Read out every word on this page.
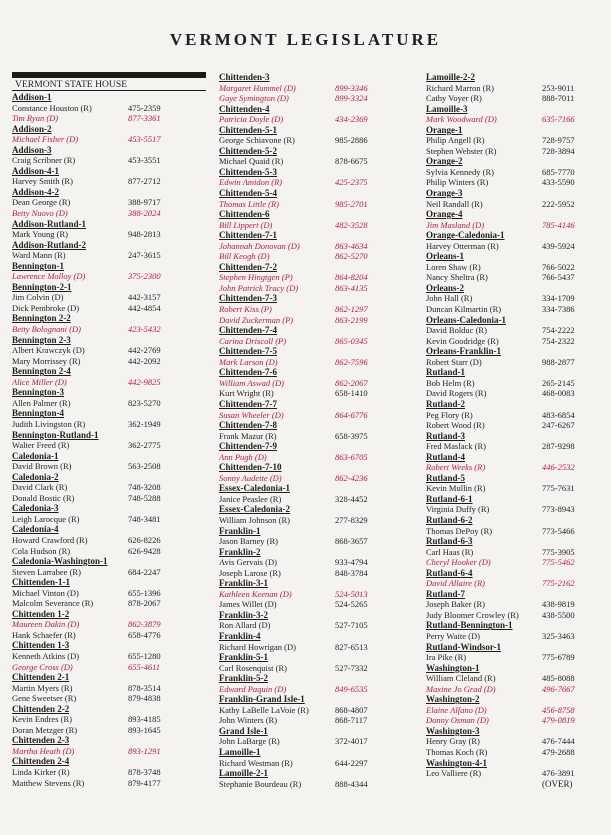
VERMONT LEGISLATURE
VERMONT STATE HOUSE
Addison-1
Constance Houston (R)	475-2359
Tim Ryan (D)	877-3361
Addison-2
Michael Fisher (D)	453-5517
Addison-3
Craig Scribner (R)	453-3551
Addison-4-1
Harvey Smith (R)	877-2712
Addison-4-2
Dean George (R)	388-9717
Betty Nuovo (D)	388-2024
Addison-Rutland-1
Mark Young (R)	948-2813
Addison-Rutland-2
Ward Mann (R)	247-3615
Bennington-1
Lawrence Molloy (D)	375-2300
Bennington-2-1
Jim Colvin (D)	442-3157
Dick Pembroke (D)	442-4854
Bennington 2-2
Betty Bolognani (D)	423-5432
Bennington 2-3
Albert Krawczyk (D)	442-2769
Mary Morrissey (R)	442-2092
Bennington 2-4
Alice Miller (D)	442-9825
Bennington-3
Allen Palmer (R)	823-5270
Bennington-4
Judith Livingston (R)	362-1949
Bennington-Rutland-1
Walter Freed (R)	362-2775
Caledonia-1
David Brown (R)	563-2508
Caledonia-2
David Clark (R)	748-3208
Donald Bostic (R)	748-5288
Caledonia-3
Leigh Larocque (R)	748-3481
Caledonia-4
Howard Crawford (R)	626-8226
Cola Hudson (R)	626-9428
Caledonia-Washington-1
Steven Larrabee (R)	684-2247
Chittenden-1-1
Michael Vinton (D)	655-1396
Malcolm Severance (R)	878-2067
Chittenden 1-2
Maureen Dakin (D)	862-3879
Hank Schaefer (R)	658-4776
Chittenden 1-3
Kenneth Atkins (D)	655-1280
George Cross (D)	655-4611
Chittenden 2-1
Martin Myers (R)	878-3514
Gene Sweetser (R)	879-4838
Chittenden 2-2
Kevin Endres (R)	893-4185
Doran Metzger (R)	893-1645
Chittenden 2-3
Martha Heath (D)	893-1291
Chittenden 2-4
Linda Kirker (R)	878-3748
Matthew Stevens (R)	879-4177
Chittenden-3
Margaret Hummel (D)	899-3346
Gaye Symington (D)	899-3324
Chittenden-4
Patricia Doyle (D)	434-2369
Chittenden-5-1
George Schiavone (R)	985-2886
Chittenden-5-2
Michael Quaid (R)	878-6675
Chittenden-5-3
Edwin Amidon (R)	425-2375
Chittenden-5-4
Thomas Little (R)	985-2701
Chittenden-6
Bill Lippert (D)	482-3528
Chittenden-7-1
Johannah Donovan (D)	863-4634
Bill Keogh (D)	862-5270
Chittenden-7-2
Stephen Hingtgen (P)	864-8204
John Patrick Tracy (D)	863-4135
Chittenden-7-3
Robert Kiss (P)	862-1297
David Zuckerman (P)	863-2199
Chittenden-7-4
Carina Driscoll (P)	865-0345
Chittenden-7-5
Mark Larson (D)	862-7596
Chittenden-7-6
William Aswad (D)	862-2067
Kurt Wright (R)	658-1410
Chittenden-7-7
Susan Wheeler (D)	864-6776
Chittenden-7-8
Frank Mazur (R)	658-3975
Chittenden-7-9
Ann Pugh (D)	863-6705
Chittenden-7-10
Sonny Audette (D)	862-4236
Essex-Caledonia-1
Janice Peaslee (R)	328-4452
Essex-Caledonia-2
William Johnson (R)	277-8329
Franklin-1
Jason Barney (R)	868-3657
Franklin-2
Avis Gervais (D)	933-4794
Joseph Larose (R)	848-3784
Franklin-3-1
Kathleen Keenan (D)	524-5013
James Willet (D)	524-5265
Franklin-3-2
Ron Allard (D)	527-7105
Franklin-4
Richard Howrigan (D)	827-6513
Franklin-5-1
Carl Rosenquist (R)	527-7332
Franklin-5-2
Edward Paquin (D)	849-6535
Franklin-Grand Isle-1
Kathy LaBelle LaVoie (R)	868-4807
John Winters (R)	868-7117
Grand Isle-1
John LaBarge (R)	372-4017
Lamoille-1
Richard Westman (R)	644-2297
Lamoille-2-1
Stephanie Bourdeau (R)	888-4344
Lamoille-2-2
Richard Marron (R)	253-9011
Cathy Voyer (R)	888-7011
Lamoille-3
Mark Woodward (D)	635-7166
Orange-1
Philip Angell (R)	728-9757
Stephen Webster (R)	728-3894
Orange-2
Sylvia Kennedy (R)	685-7770
Philip Winters (R)	433-5590
Orange-3
Neil Randall (R)	222-5952
Orange-4
Jim Masland (D)	785-4146
Orange-Caledonia-1
Harvey Otterman (R)	439-5924
Orleans-1
Loren Shaw (R)	766-5022
Nancy Sheltra (R)	766-5437
Orleans-2
John Hall (R)	334-1709
Duncan Kilmartin (R)	334-7386
Orleans-Caledonia-1
David Bolduc (R)	754-2222
Kevin Goodridge (R)	754-2322
Orleans-Franklin-1
Robert Starr (D)	988-2877
Rutland-1
Bob Helm (R)	265-2145
David Rogers (R)	468-0083
Rutland-2
Peg Flory (R)	483-6854
Robert Wood (R)	247-6267
Rutland-3
Fred Maslack (R)	287-9298
Rutland-4
Robert Weeks (R)	446-2532
Rutland-5
Kevin Mullin (R)	775-7631
Rutland-6-1
Virginia Duffy (R)	773-8943
Rutland-6-2
Thomas DePoy (R)	773-5466
Rutland-6-3
Carl Haas (R)	775-3905
Cheryl Hooker (D)	775-5462
Rutland-6-4
David Allaire (R)	775-2162
Rutland-7
Joseph Baker (R)	438-9819
Judy Bloomer Crowley (R)	438-5500
Rutland-Bennington-1
Perry Waite (D)	325-3463
Rutland-Windsor-1
Ira Pike (R)	775-6789
Washington-1
William Cleland (R)	485-8088
Maxine Jo Grad (D)	496-7667
Washington-2
Elaine Alfano (D)	456-8758
Donny Osman (D)	479-0819
Washington-3
Henry Gray (R)	476-7444
Thomas Koch (R)	479-2688
Washington-4-1
Leo Valliere (R)	476-3891
(OVER)
